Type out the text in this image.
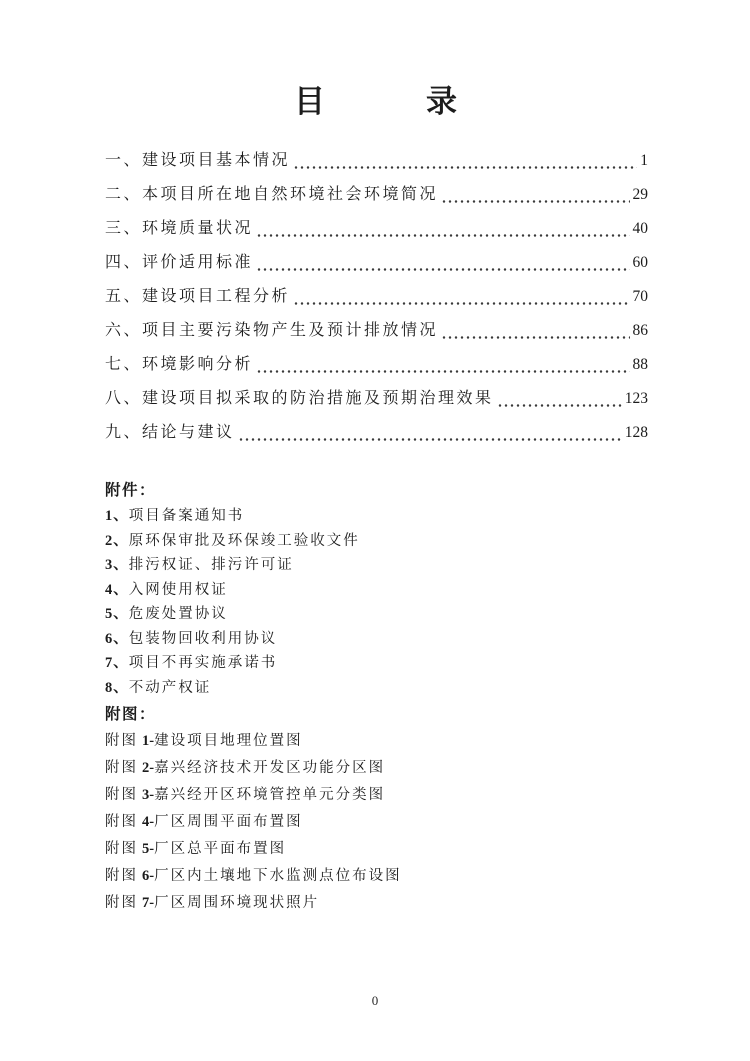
目　　　录
一、建设项目基本情况	1
二、本项目所在地自然环境社会环境简况	29
三、环境质量状况	40
四、评价适用标准	60
五、建设项目工程分析	70
六、项目主要污染物产生及预计排放情况	86
七、环境影响分析	88
八、建设项目拟采取的防治措施及预期治理效果	123
九、结论与建议	128
附件：
1、项目备案通知书
2、原环保审批及环保竣工验收文件
3、排污权证、排污许可证
4、入网使用权证
5、危废处置协议
6、包装物回收利用协议
7、项目不再实施承诺书
8、不动产权证
附图：
附图 1-建设项目地理位置图
附图 2-嘉兴经济技术开发区功能分区图
附图 3-嘉兴经开区环境管控单元分类图
附图 4-厂区周围平面布置图
附图 5-厂区总平面布置图
附图 6-厂区内土壤地下水监测点位布设图
附图 7-厂区周围环境现状照片
0
